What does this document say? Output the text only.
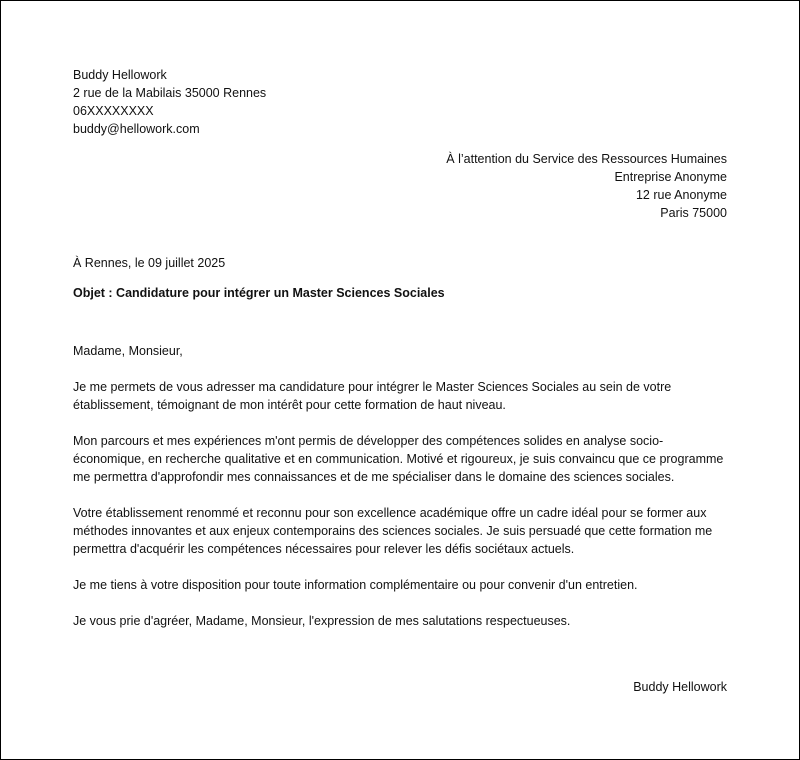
Buddy Hellowork
2 rue de la Mabilais 35000 Rennes
06XXXXXXXX
buddy@hellowork.com
À l’attention du Service des Ressources Humaines
Entreprise Anonyme
12 rue Anonyme
Paris 75000
À Rennes, le 09 juillet 2025
Objet : Candidature pour intégrer un Master Sciences Sociales

Madame, Monsieur,

Je me permets de vous adresser ma candidature pour intégrer le Master Sciences Sociales au sein de votre établissement, témoignant de mon intérêt pour cette formation de haut niveau.

Mon parcours et mes expériences m'ont permis de développer des compétences solides en analyse socio-économique, en recherche qualitative et en communication. Motivé et rigoureux, je suis convaincu que ce programme me permettra d'approfondir mes connaissances et de me spécialiser dans le domaine des sciences sociales.

Votre établissement renommé et reconnu pour son excellence académique offre un cadre idéal pour se former aux méthodes innovantes et aux enjeux contemporains des sciences sociales. Je suis persuadé que cette formation me permettra d'acquérir les compétences nécessaires pour relever les défis sociétaux actuels.

Je me tiens à votre disposition pour toute information complémentaire ou pour convenir d'un entretien.

Je vous prie d'agréer, Madame, Monsieur, l'expression de mes salutations respectueuses.

Buddy Hellowork
